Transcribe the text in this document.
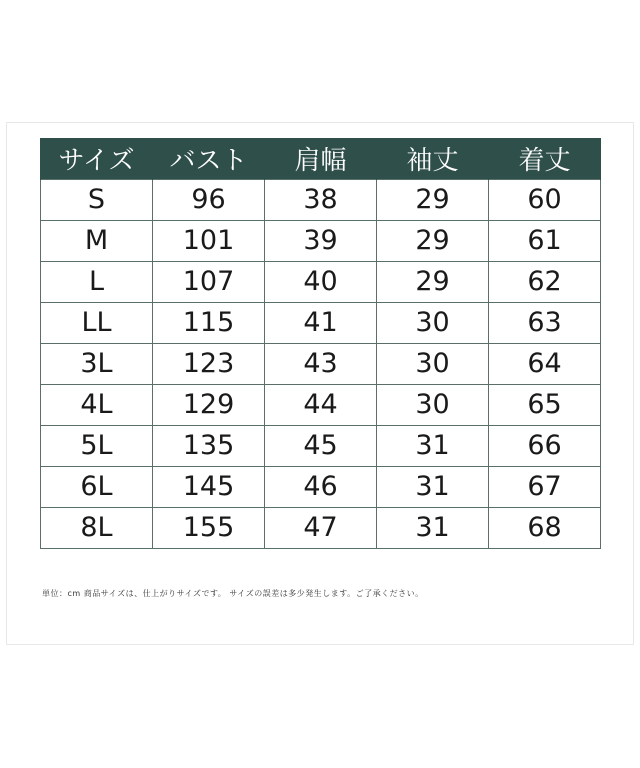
サイズ	バスト	肩幅	袖丈	着丈
S	96	38	29	60
M	101	39	29	61
L	107	40	29	62
LL	115	41	30	63
3L	123	43	30	64
4L	129	44	30	65
5L	135	45	31	66
6L	145	46	31	67
8L	155	47	31	68
単位：cm 商品サイズは、仕上がりサイズです。 サイズの誤差は多少発生します。ご了承ください。
